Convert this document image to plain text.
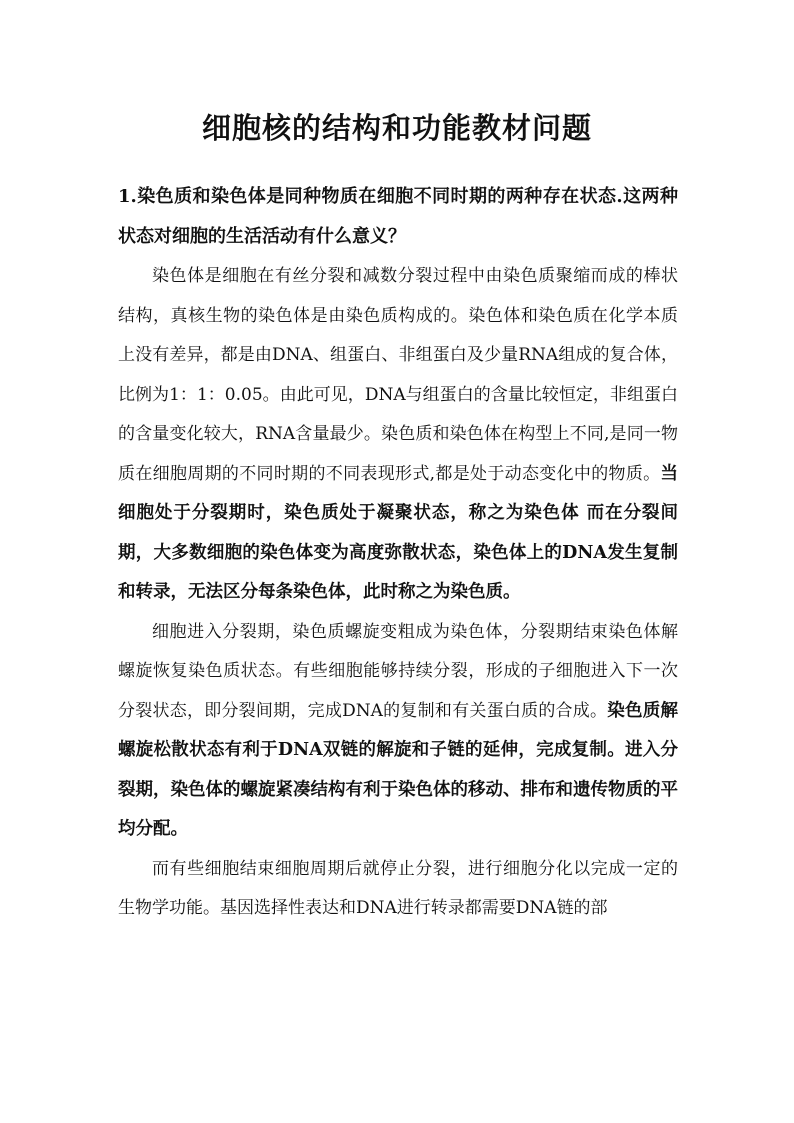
细胞核的结构和功能教材问题

1.染色质和染色体是同种物质在细胞不同时期的两种存在状态.这两种状态对细胞的生活活动有什么意义？

染色体是细胞在有丝分裂和减数分裂过程中由染色质聚缩而成的棒状结构，真核生物的染色体是由染色质构成的。染色体和染色质在化学本质上没有差异，都是由DNA、组蛋白、非组蛋白及少量RNA组成的复合体，比例为1：1：0.05。由此可见，DNA与组蛋白的含量比较恒定，非组蛋白的含量变化较大，RNA含量最少。染色质和染色体在构型上不同,是同一物质在细胞周期的不同时期的不同表现形式,都是处于动态变化中的物质。当细胞处于分裂期时，染色质处于凝聚状态，称之为染色体 而在分裂间期，大多数细胞的染色体变为高度弥散状态，染色体上的DNA发生复制和转录，无法区分每条染色体，此时称之为染色质。

细胞进入分裂期，染色质螺旋变粗成为染色体，分裂期结束染色体解螺旋恢复染色质状态。有些细胞能够持续分裂，形成的子细胞进入下一次分裂状态，即分裂间期，完成DNA的复制和有关蛋白质的合成。染色质解螺旋松散状态有利于DNA双链的解旋和子链的延伸，完成复制。进入分裂期，染色体的螺旋紧凑结构有利于染色体的移动、排布和遗传物质的平均分配。

而有些细胞结束细胞周期后就停止分裂，进行细胞分化以完成一定的生物学功能。基因选择性表达和DNA进行转录都需要DNA链的部
